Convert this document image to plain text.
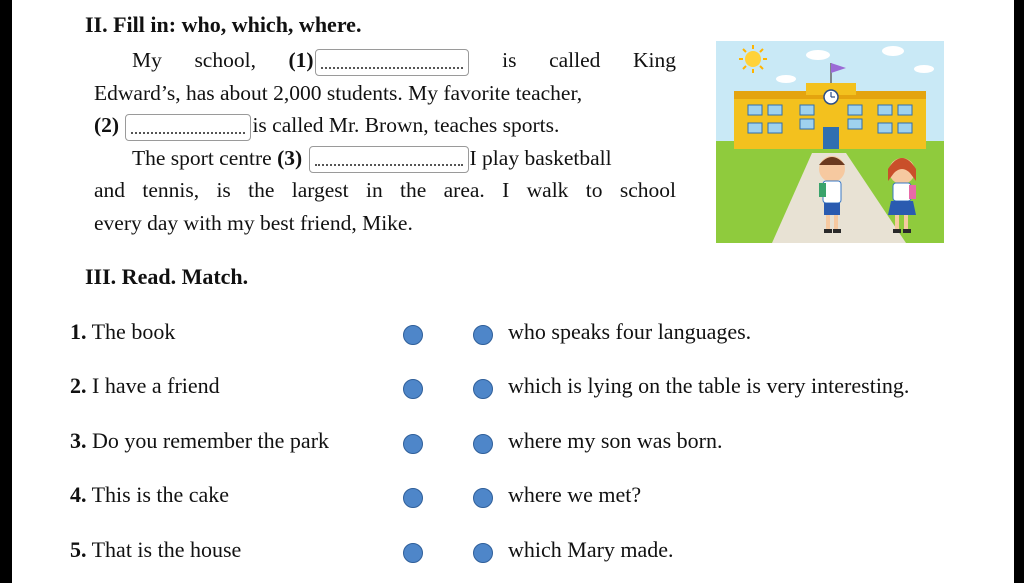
II. Fill in: who, which, where.
My school, (1)	is called King
Edward’s, has about 2,000 students. My favorite teacher,
(2)	is called Mr. Brown, teaches sports.
The sport centre (3)	I play basketball
and tennis, is the largest in the area. I walk to school
every day with my best friend, Mike.
III. Read. Match.
1. The book	who speaks four languages.
2. I have a friend	which is lying on the table is very interesting.
3. Do you remember the park	where my son was born.
4. This is the cake	where we met?
5. That is the house	which Mary made.
